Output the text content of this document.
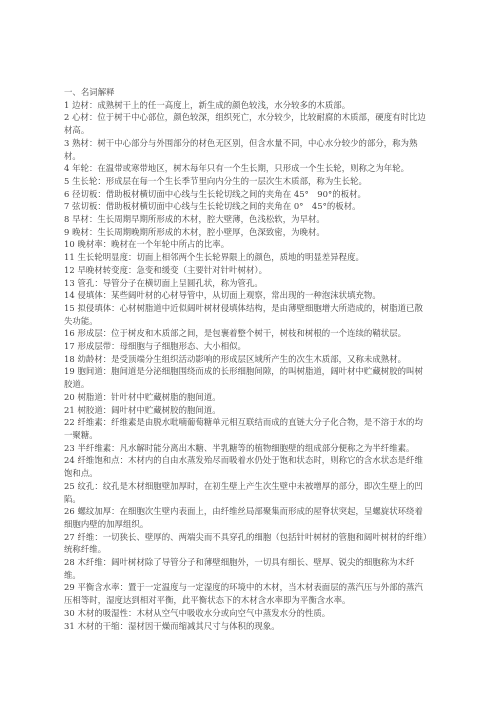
一、名词解释

1 边材：成熟树干上的任一高度上，新生成的颜色较浅，水分较多的木质部。

2 心材：位于树干中心部位，颜色较深，组织死亡，水分较少，比较耐腐的木质部，硬度有时比边材高。

3 熟材：树干中心部分与外围部分的材色无区别，但含水量不同，中心水分较少的部分，称为熟材。

4 年轮：在温带或寒带地区，树木每年只有一个生长期，只形成一个生长轮，则称之为年轮。

5 生长轮：形成层在每一个生长季节里向内分生的一层次生木质部，称为生长轮。

6 径切板：借助板材横切面中心线与生长轮切线之间的夹角在 45°　90°的板材。

7 弦切板：借助板材横切面中心线与生长轮切线之间的夹角在 0°　45°的板材。

8 早材：生长周期早期所形成的木材，腔大壁薄，色浅松软，为早材。

9 晚材：生长周期晚期所形成的木材，腔小壁厚，色深致密，为晚材。

10 晚材率：晚材在一个年轮中所占的比率。

11 生长轮明显度：切面上相邻两个生长轮界限上的颜色，质地的明显差异程度。

12 早晚材转变度：急变和缓变（主要针对针叶树材）。

13 管孔：导管分子在横切面上呈圆孔状，称为管孔。

14 侵填体：某些阔叶材的心材导管中，从切面上观察，常出现的一种泡沫状填充物。

15 拟侵填体：心材树脂道中近似阔叶树材侵填体结构，是由薄壁细胞增大所造成的，树脂道已散失功能。

16 形成层：位于树皮和木质部之间，是包裹着整个树干，树枝和树根的一个连续的鞘状层。

17 形成层带：母细胞与子细胞形态、大小相似。

18 幼龄材：是受顶端分生组织活动影响的形成层区域所产生的次生木质部，又称未成熟材。

19 胞间道：胞间道是分泌细胞围绕而成的长形细胞间隙，的叫树脂道，阔叶材中贮藏树胶的叫树胶道。

20 树脂道：针叶材中贮藏树脂的胞间道。

21 树胶道：阔叶材中贮藏树胶的胞间道。

22 纤维素：纤维素是由脱水吡喃葡萄糖单元相互联结而成的直链大分子化合物，是不溶于水的均一聚糖。

23 半纤维素：凡水解时能分离出木糖、半乳糖等的植物细胞壁的组成部分便称之为半纤维素。

24 纤维饱和点：木材内的自由水蒸发殆尽而吸着水仍处于饱和状态时，则称它的含水状态是纤维饱和点。

25 纹孔：纹孔是木材细胞壁加厚时，在初生壁上产生次生壁中未被增厚的部分，即次生壁上的凹陷。

26 螺纹加厚：在细胞次生壁内表面上，由纤维丝局部聚集而形成的屋脊状突起，呈螺旋状环绕着细胞内壁的加厚组织。

27 纤维：一切狭长、壁厚的、两端尖而不具穿孔的细胞（包括针叶树材的管胞和阔叶树材的纤维）统称纤维。

28 木纤维：阔叶树材除了导管分子和薄壁细胞外，一切具有细长、壁厚、锐尖的细胞称为木纤维。

29 平衡含水率：置于一定温度与一定湿度的环境中的木材，当木材表面层的蒸汽压与外部的蒸汽压相等时，湿度达到相对平衡，此平衡状态下的木材含水率即为平衡含水率。

30 木材的吸湿性：木材从空气中吸收水分或向空气中蒸发水分的性质。

31 木材的干缩：湿材因干燥而缩减其尺寸与体积的现象。
